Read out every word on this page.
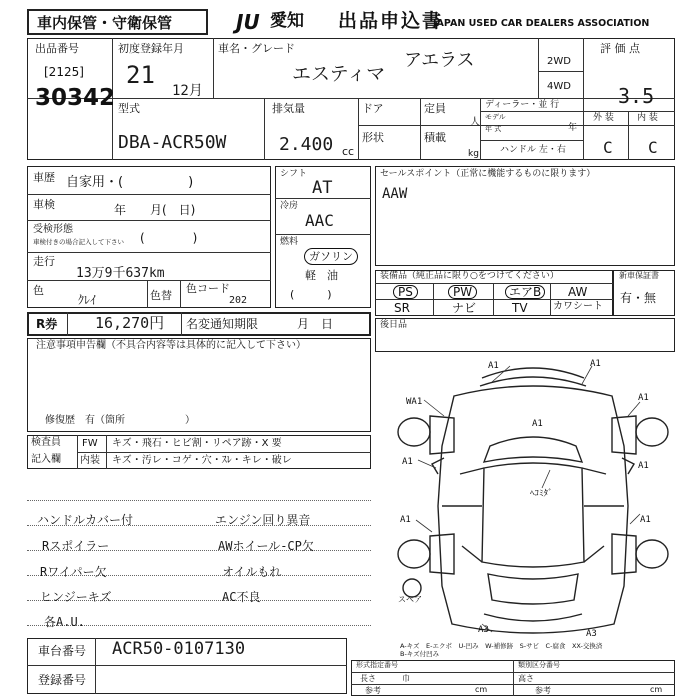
車内保管・守衛保管	JU 愛知 出品申込書
JAPAN USED CAR DEALERS ASSOCIATION
出品番号
[2125]
30342
初度登録年月
21
12月
車名・グレード
エスティマ
アエラス	2WD
4WD
評 価 点
3.5
型式
DBA-ACR50W
排気量
2.400 cc
ドア	定員
人
形状	積載
kg
ディーラー・並 行
モデル
年 式	年
ハンドル 左・右
外 装	内 装
C C
車歴 自家用・(　　　　　)
車検	年　　月(　日)
受検形態
車検付きの場合記入して下さい (　　　　)
走行
13万9千637km
色
ｸﾚｲ	色替
色コード
202
シフト
AT
冷房
AAC
燃料
ガソリン
軽　油
(　　　)
セールスポイント（正常に機能するものに限ります）
AAW
装備品（純正品に限り○をつけてください）
PS	PW	エアB	AW
SR	ナビ	TV	カワシート
新車保証書
有・無
R券	16,270円 名変通知期限	月　日	後日品
注意事項申告欄（不具合内容等は具体的に記入して下さい）
修復歴　有（箇所　　　　　　）
検査員
記入欄
FW キズ・飛石・ヒビ割・リペア跡・X 要
内装 キズ・汚レ・コゲ・穴・ｽﾚ・キレ・破レ
ハンドルカバー付
Rスポイラー
Rワイパー欠
ヒンジーキズ
各A.U.
エンジン回り異音
AWホイール-CP欠
オイルもれ
AC不良
A1	A1
WA1
A1
A1
A1
A1
A1
A1
A3	A3
ﾍｺﾐﾀﾞ
スペア
A-キズ　E-エクボ　U-凹み　W-補修跡　S-サビ　C-腐食　XX-交換済
B-キズ付凹み
車台番号 ACR50-0107130
登録番号
形式指定番号	類別区分番号
長さ
参考	cm
巾	高さ
参考	cm
